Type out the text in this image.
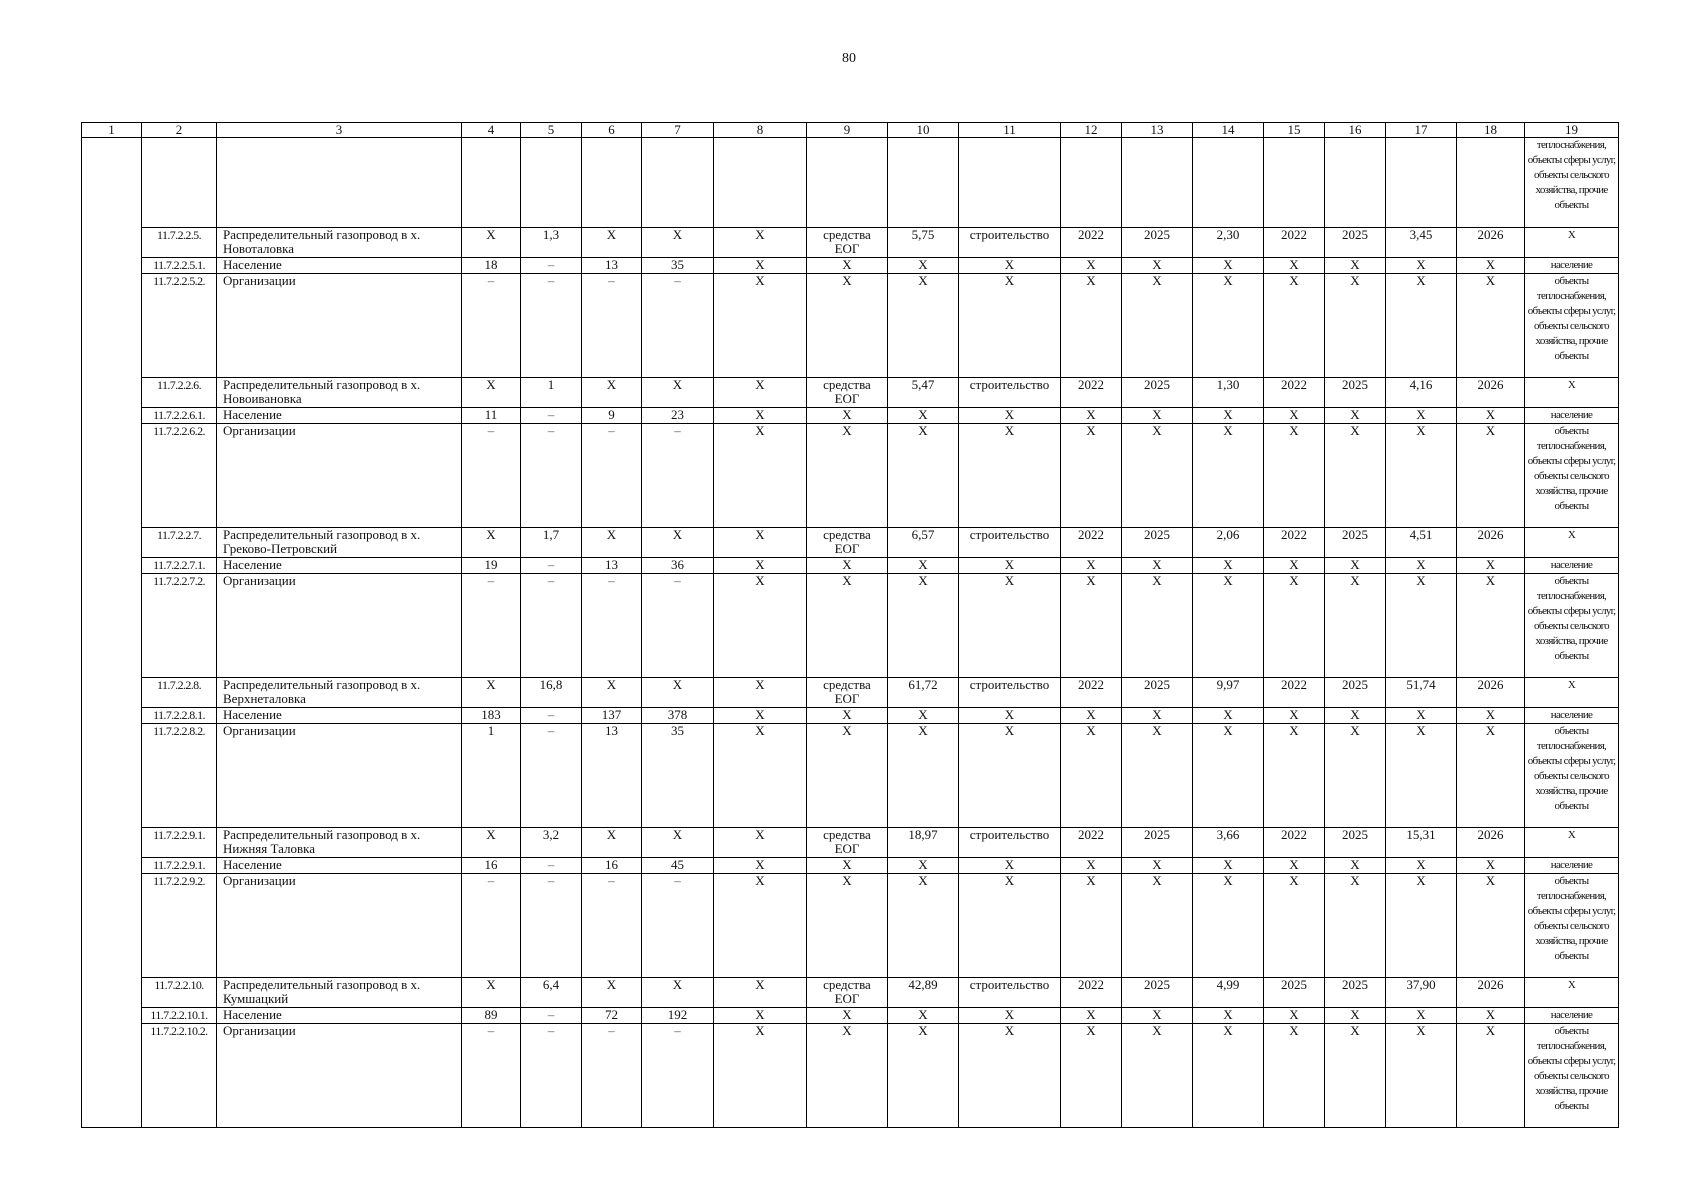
80
1	2	3	4	5	6	7	8	9	10	11	12	13	14	15	16	17	18	19
																		теплоснабжения, объекты сферы услуг, объекты сельского хозяйства, прочие объекты
	11.7.2.2.5.	Распределительный газопровод в х. Новоталовка	X	1,3	X	X	X	средства ЕОГ	5,75	строительство	2022	2025	2,30	2022	2025	3,45	2026	X
	11.7.2.2.5.1.	Население	18	–	13	35	X	X	X	X	X	X	X	X	X	X	X	население
	11.7.2.2.5.2.	Организации	–	–	–	–	X	X	X	X	X	X	X	X	X	X	X	объекты теплоснабжения, объекты сферы услуг, объекты сельского хозяйства, прочие объекты
	11.7.2.2.6.	Распределительный газопровод в х. Новоивановка	X	1	X	X	X	средства ЕОГ	5,47	строительство	2022	2025	1,30	2022	2025	4,16	2026	X
	11.7.2.2.6.1.	Население	11	–	9	23	X	X	X	X	X	X	X	X	X	X	X	население
	11.7.2.2.6.2.	Организации	–	–	–	–	X	X	X	X	X	X	X	X	X	X	X	объекты теплоснабжения, объекты сферы услуг, объекты сельского хозяйства, прочие объекты
	11.7.2.2.7.	Распределительный газопровод в х. Греково-Петровский	X	1,7	X	X	X	средства ЕОГ	6,57	строительство	2022	2025	2,06	2022	2025	4,51	2026	X
	11.7.2.2.7.1.	Население	19	–	13	36	X	X	X	X	X	X	X	X	X	X	X	население
	11.7.2.2.7.2.	Организации	–	–	–	–	X	X	X	X	X	X	X	X	X	X	X	объекты теплоснабжения, объекты сферы услуг, объекты сельского хозяйства, прочие объекты
	11.7.2.2.8.	Распределительный газопровод в х. Верхнеталовка	X	16,8	X	X	X	средства ЕОГ	61,72	строительство	2022	2025	9,97	2022	2025	51,74	2026	X
	11.7.2.2.8.1.	Население	183	–	137	378	X	X	X	X	X	X	X	X	X	X	X	население
	11.7.2.2.8.2.	Организации	1	–	13	35	X	X	X	X	X	X	X	X	X	X	X	объекты теплоснабжения, объекты сферы услуг, объекты сельского хозяйства, прочие объекты
	11.7.2.2.9.1.	Распределительный газопровод в х. Нижняя Таловка	X	3,2	X	X	X	средства ЕОГ	18,97	строительство	2022	2025	3,66	2022	2025	15,31	2026	X
	11.7.2.2.9.1.	Население	16	–	16	45	X	X	X	X	X	X	X	X	X	X	X	население
	11.7.2.2.9.2.	Организации	–	–	–	–	X	X	X	X	X	X	X	X	X	X	X	объекты теплоснабжения, объекты сферы услуг, объекты сельского хозяйства, прочие объекты
	11.7.2.2.10.	Распределительный газопровод в х. Кумшацкий	X	6,4	X	X	X	средства ЕОГ	42,89	строительство	2022	2025	4,99	2025	2025	37,90	2026	X
	11.7.2.2.10.1.	Население	89	–	72	192	X	X	X	X	X	X	X	X	X	X	X	население
	11.7.2.2.10.2.	Организации	–	–	–	–	X	X	X	X	X	X	X	X	X	X	X	объекты теплоснабжения, объекты сферы услуг, объекты сельского хозяйства, прочие объекты
